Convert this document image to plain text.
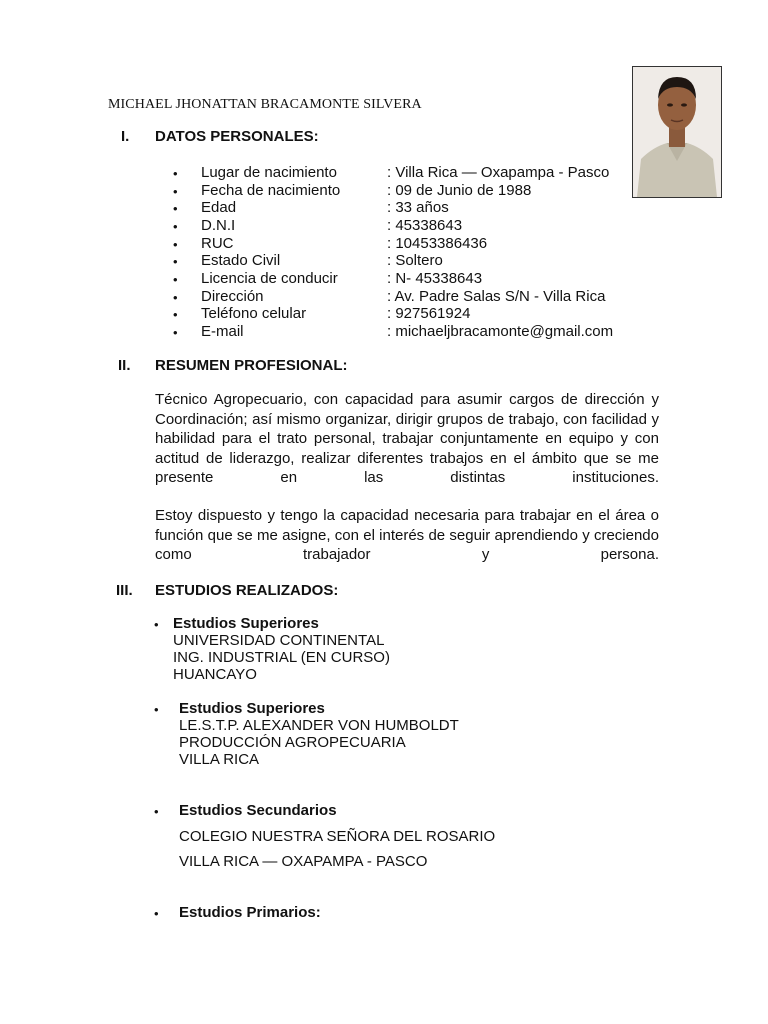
MICHAEL JHONATTAN BRACAMONTE SILVERA
I. DATOS PERSONALES:
• Lugar de nacimiento	: Villa Rica — Oxapampa - Pasco
• Fecha de nacimiento	: 09 de Junio de 1988
• Edad	: 33 años
• D.N.I	: 45338643
• RUC	: 10453386436
• Estado Civil	: Soltero
• Licencia de conducir	: N- 45338643
• Dirección	: Av. Padre Salas S/N - Villa Rica
• Teléfono celular	: 927561924
• E-mail	: michaeljbracamonte@gmail.com
II. RESUMEN PROFESIONAL:

Técnico Agropecuario, con capacidad para asumir cargos de dirección y Coordinación; así mismo organizar, dirigir grupos de trabajo, con facilidad y habilidad para el trato personal, trabajar conjuntamente en equipo y con actitud de liderazgo, realizar diferentes trabajos en el ámbito que se me presente en las distintas instituciones.

Estoy dispuesto y tengo la capacidad necesaria para trabajar en el área o función que se me asigne, con el interés de seguir aprendiendo y creciendo como trabajador y persona.

III. ESTUDIOS REALIZADOS:
• Estudios Superiores
UNIVERSIDAD CONTINENTAL
ING. INDUSTRIAL (EN CURSO)
HUANCAYO
• Estudios Superiores
LE.S.T.P. ALEXANDER VON HUMBOLDT
PRODUCCIÓN AGROPECUARIA
VILLA RICA
• Estudios Secundarios
COLEGIO NUESTRA SEÑORA DEL ROSARIO
VILLA RICA — OXAPAMPA - PASCO
• Estudios Primarios:
